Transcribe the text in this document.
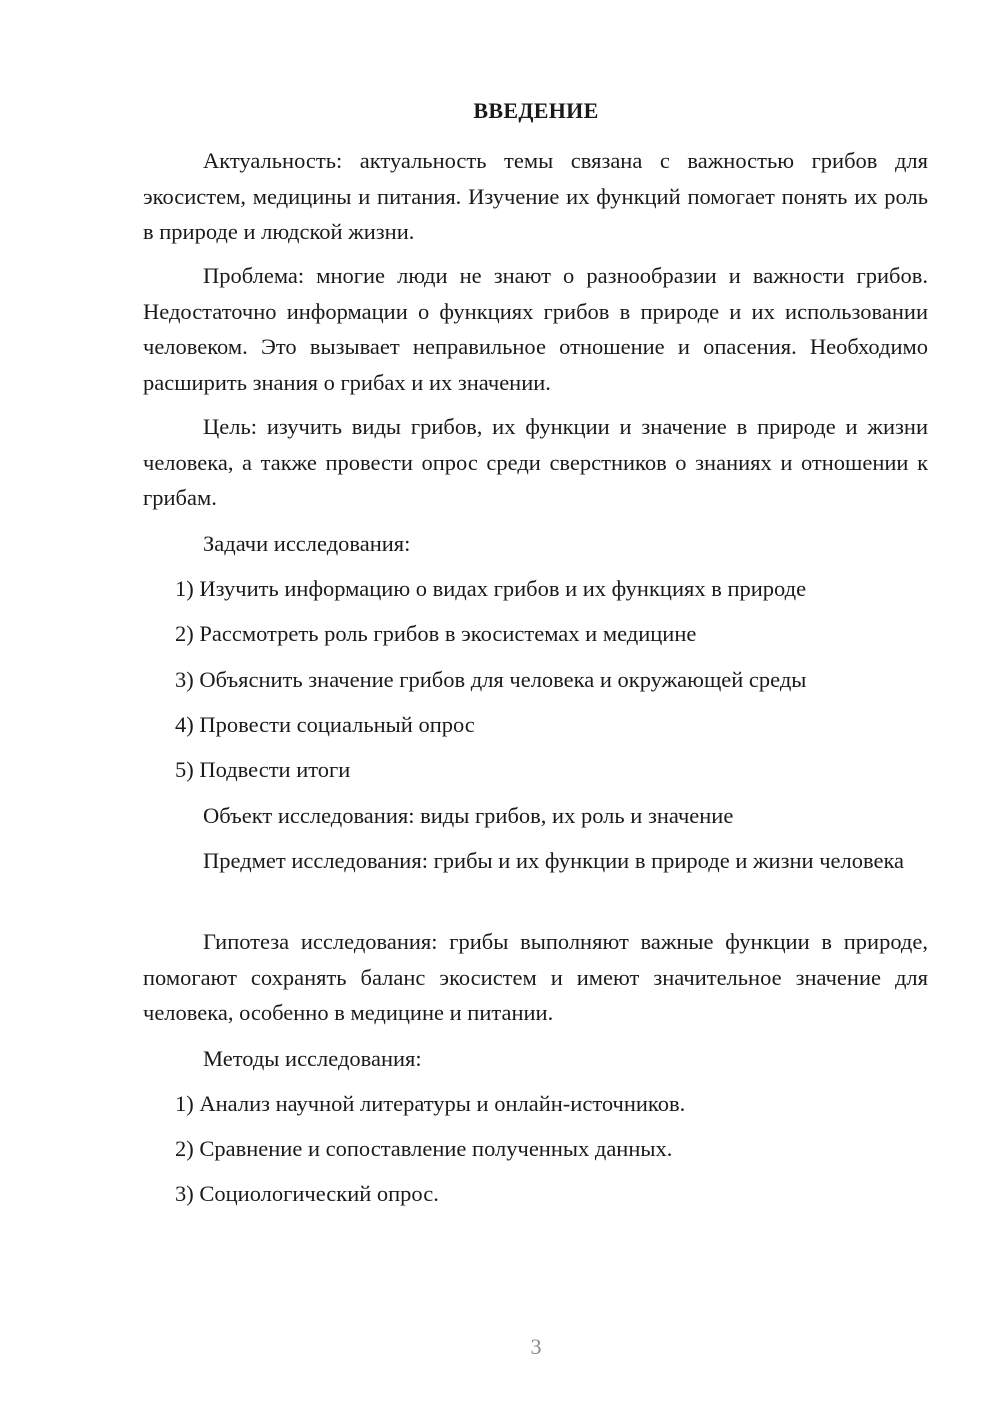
ВВЕДЕНИЕ

Актуальность: актуальность темы связана с важностью грибов для экосистем, медицины и питания. Изучение их функций помогает понять их роль в природе и людской жизни.

Проблема: многие люди не знают о разнообразии и важности грибов. Недостаточно информации о функциях грибов в природе и их использовании человеком. Это вызывает неправильное отношение и опасения. Необходимо расширить знания о грибах и их значении.

Цель: изучить виды грибов, их функции и значение в природе и жизни человека, а также провести опрос среди сверстников о знаниях и отношении к грибам.

Задачи исследования:

1) Изучить информацию о видах грибов и их функциях в природе

2) Рассмотреть роль грибов в экосистемах и медицине

3) Объяснить значение грибов для человека и окружающей среды

4) Провести социальный опрос

5) Подвести итоги

Объект исследования: виды грибов, их роль и значение

Предмет исследования: грибы и их функции в природе и жизни человека

Гипотеза исследования: грибы выполняют важные функции в природе, помогают сохранять баланс экосистем и имеют значительное значение для человека, особенно в медицине и питании.

Методы исследования:

1) Анализ научной литературы и онлайн-источников.

2) Сравнение и сопоставление полученных данных.

3) Социологический опрос.

3
